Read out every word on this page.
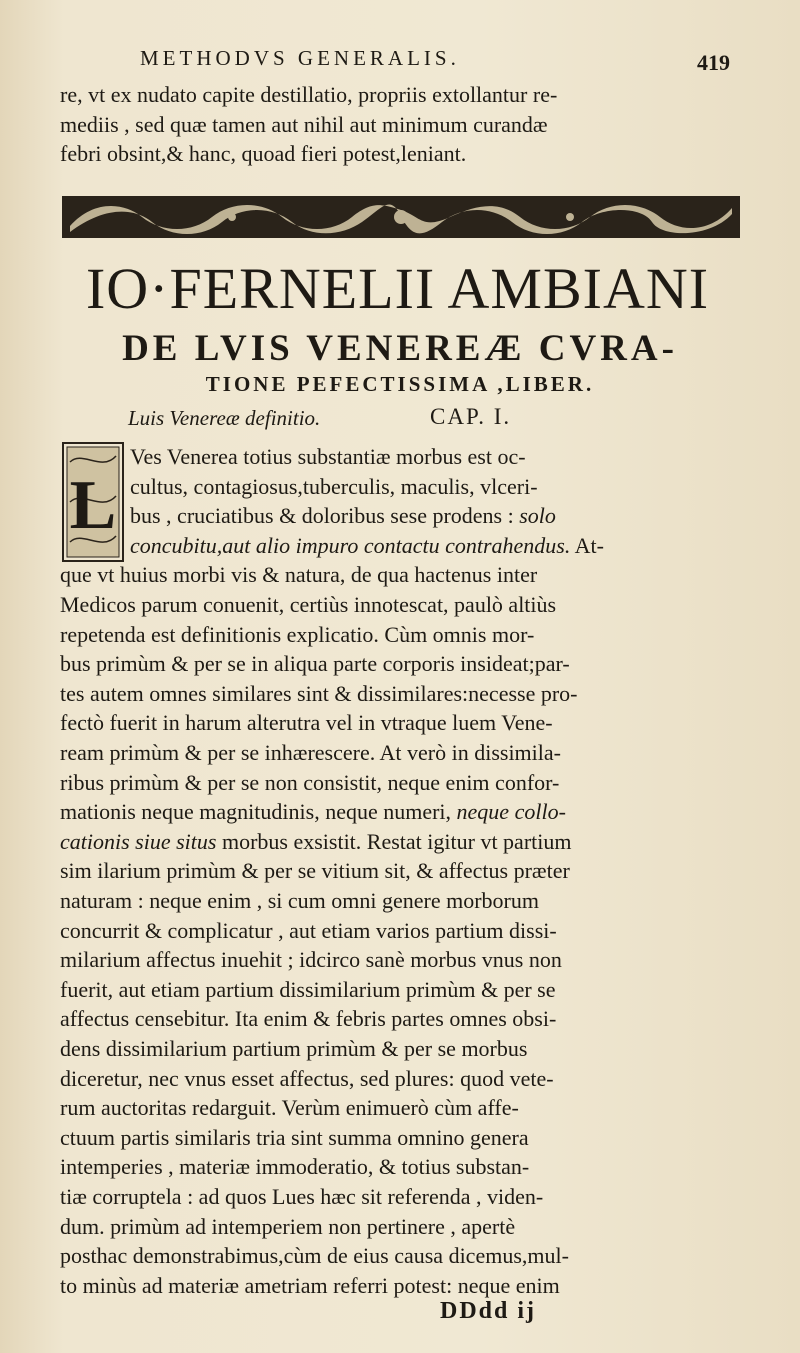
METHODVS GENERALIS.	419
re, vt ex nudato capite destillatio, propriis extollantur re-
mediis , sed quæ tamen aut nihil aut minimum curandæ
febri obsint,& hanc, quoad fieri potest,leniant.
IO·FERNELII AMBIANI
DE LVIS VENEREÆ CVRA-
TIONE PEFECTISSIMA ,LIBER.
Luis Venereæ definitio.	CAP. I.
L
Ves Venerea totius substantiæ morbus est oc-
cultus, contagiosus,tuberculis, maculis, vlceri-
bus , cruciatibus & doloribus sese prodens : solo
concubitu,aut alio impuro contactu contrahendus. At-
que vt huius morbi vis & natura, de qua hactenus inter
Medicos parum conuenit, certiùs innotescat, paulò altiùs
repetenda est definitionis explicatio. Cùm omnis mor-
bus primùm & per se in aliqua parte corporis insideat;par-
tes autem omnes similares sint & dissimilares:necesse pro-
fectò fuerit in harum alterutra vel in vtraque luem Vene-
ream primùm & per se inhærescere. At verò in dissimila-
ribus primùm & per se non consistit, neque enim confor-
mationis neque magnitudinis, neque numeri, neque collo-
cationis siue situs morbus exsistit. Restat igitur vt partium
sim ilarium primùm & per se vitium sit, & affectus præter
naturam : neque enim , si cum omni genere morborum
concurrit & complicatur , aut etiam varios partium dissi-
milarium affectus inuehit ; idcirco sanè morbus vnus non
fuerit, aut etiam partium dissimilarium primùm & per se
affectus censebitur. Ita enim & febris partes omnes obsi-
dens dissimilarium partium primùm & per se morbus
diceretur, nec vnus esset affectus, sed plures: quod vete-
rum auctoritas redarguit. Verùm enimuerò cùm affe-
ctuum partis similaris tria sint summa omnino genera
intemperies , materiæ immoderatio, & totius substan-
tiæ corruptela : ad quos Lues hæc sit referenda , viden-
dum. primùm ad intemperiem non pertinere , apertè
posthac demonstrabimus,cùm de eius causa dicemus,mul-
to minùs ad materiæ ametriam referri potest: neque enim
DDdd ij
